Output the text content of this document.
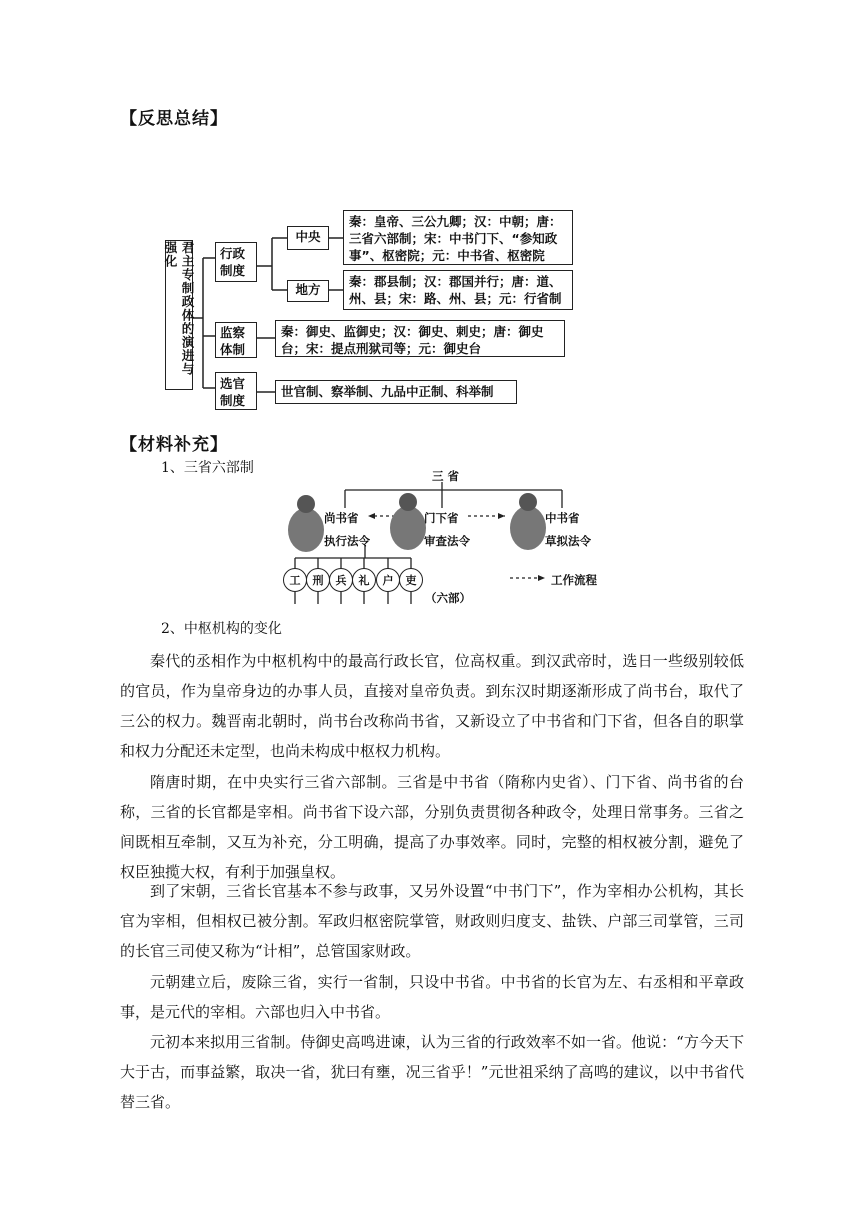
【反思总结】
君主专制政体的演进与强化	行政制度
中央
秦：皇帝、三公九卿；汉：中朝；唐：三省六部制；宋：中书门下、“参知政事”、枢密院；元：中书省、枢密院
地方
秦：郡县制；汉：郡国并行；唐：道、州、县；宋：路、州、县；元：行省制
监察体制
秦：御史、监御史；汉：御史、刺史；唐：御史台；宋：提点刑狱司等；元：御史台
选官制度
世官制、察举制、九品中正制、科举制
【材料补充】
1、三省六部制	三 省
尚书省	门下省	中书省
执行法令	审查法令	草拟法令
工	刑	兵	礼	户	吏
（六部）
工作流程
2、中枢机构的变化
秦代的丞相作为中枢机构中的最高行政长官，位高权重。到汉武帝时，选日一些级别较低的官员，作为皇帝身边的办事人员，直接对皇帝负责。到东汉时期逐渐形成了尚书台，取代了三公的权力。魏晋南北朝时，尚书台改称尚书省，又新设立了中书省和门下省，但各自的职掌和权力分配还未定型，也尚未构成中枢权力机构。
隋唐时期，在中央实行三省六部制。三省是中书省（隋称内史省）、门下省、尚书省的台称，三省的长官都是宰相。尚书省下设六部，分别负责贯彻各种政令，处理日常事务。三省之间既相互牵制，又互为补充，分工明确，提高了办事效率。同时，完整的相权被分割，避免了权臣独揽大权，有利于加强皇权。
到了宋朝，三省长官基本不参与政事，又另外设置“中书门下”，作为宰相办公机构，其长官为宰相，但相权已被分割。军政归枢密院掌管，财政则归度支、盐铁、户部三司掌管，三司的长官三司使又称为“计相”，总管国家财政。
元朝建立后，废除三省，实行一省制，只设中书省。中书省的长官为左、右丞相和平章政事，是元代的宰相。六部也归入中书省。
元初本来拟用三省制。侍御史高鸣进谏，认为三省的行政效率不如一省。他说：“方今天下大于古，而事益繁，取决一省，犹曰有壅，况三省乎！”元世祖采纳了高鸣的建议，以中书省代替三省。
